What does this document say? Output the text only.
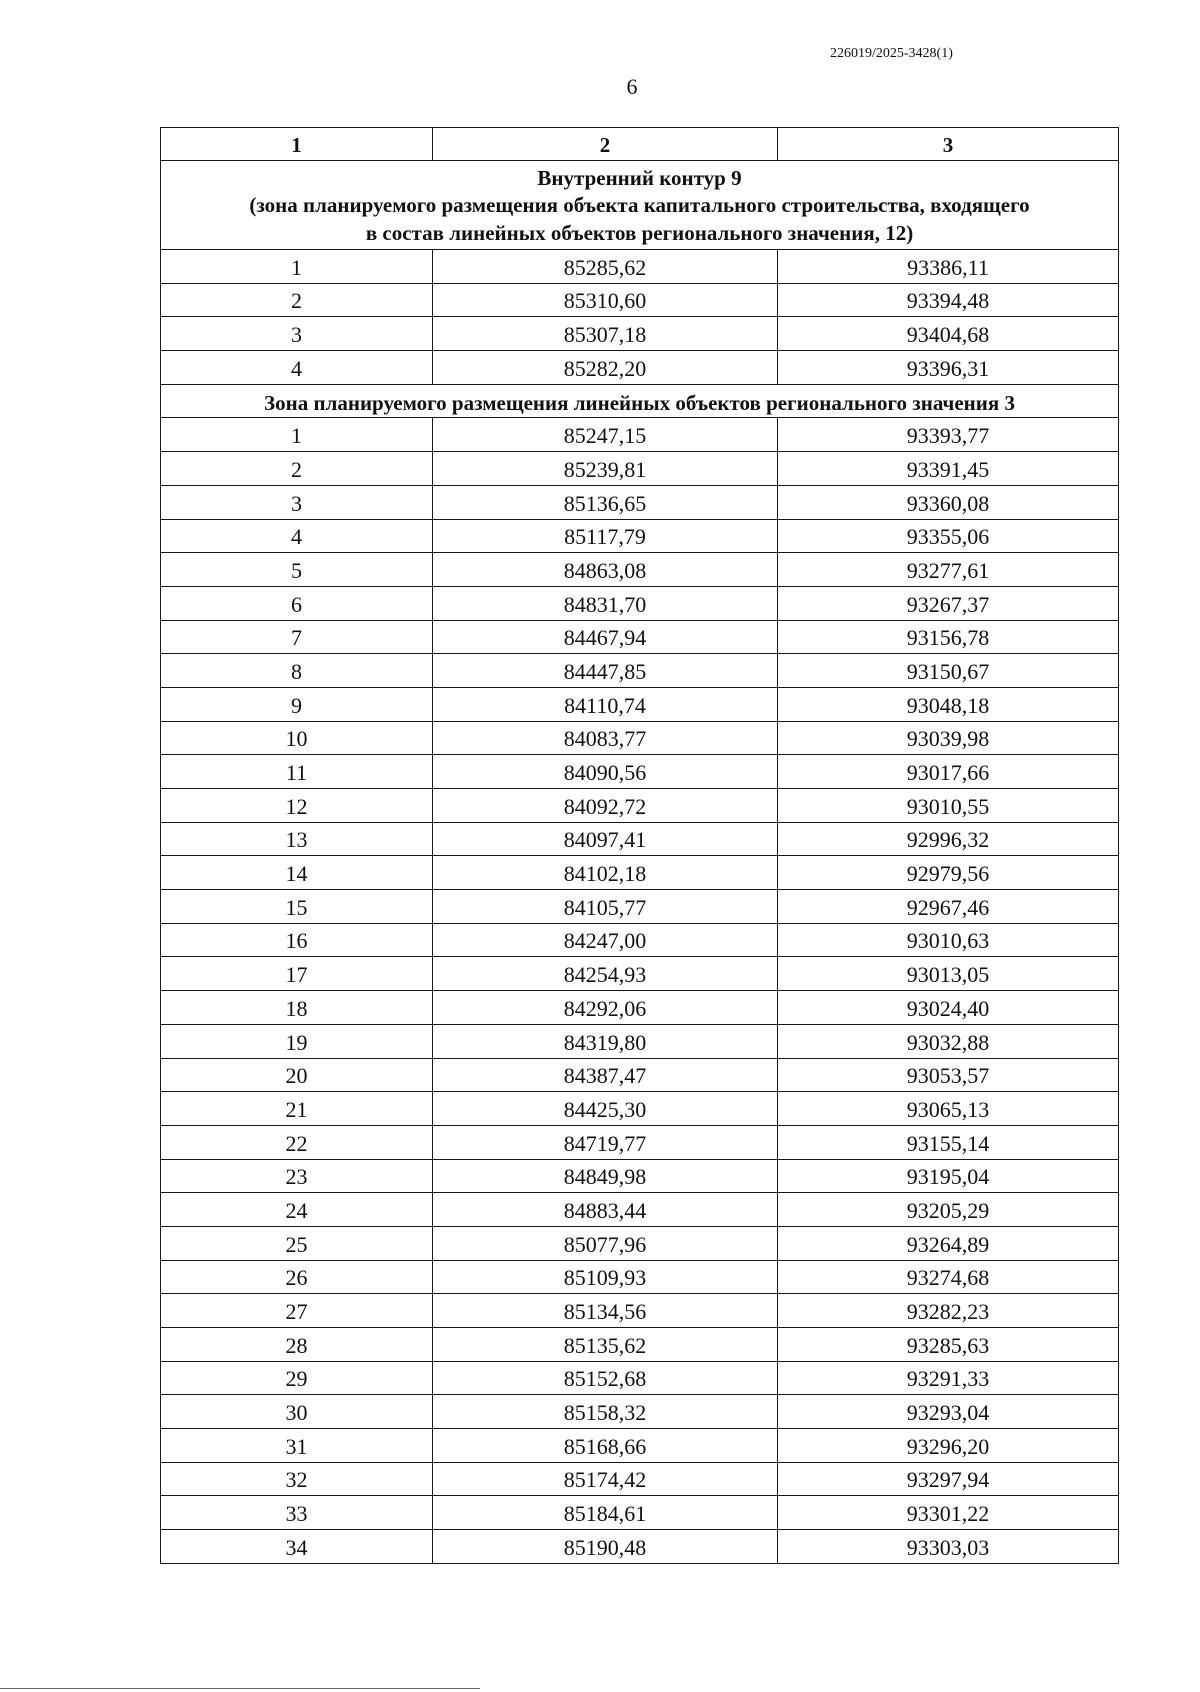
226019/2025-3428(1)
6
1	2	3

Внутренний контур 9
(зона планируемого размещения объекта капитального строительства, входящего
в состав линейных объектов регионального значения, 12)		

1	85285,62	93386,11
2	85310,60	93394,48
3	85307,18	93404,68
4	85282,20	93396,31
Зона планируемого размещения линейных объектов регионального значения 3		
1	85247,15	93393,77
2	85239,81	93391,45
3	85136,65	93360,08
4	85117,79	93355,06
5	84863,08	93277,61
6	84831,70	93267,37
7	84467,94	93156,78
8	84447,85	93150,67
9	84110,74	93048,18
10	84083,77	93039,98
11	84090,56	93017,66
12	84092,72	93010,55
13	84097,41	92996,32
14	84102,18	92979,56
15	84105,77	92967,46
16	84247,00	93010,63
17	84254,93	93013,05
18	84292,06	93024,40
19	84319,80	93032,88
20	84387,47	93053,57
21	84425,30	93065,13
22	84719,77	93155,14
23	84849,98	93195,04
24	84883,44	93205,29
25	85077,96	93264,89
26	85109,93	93274,68
27	85134,56	93282,23
28	85135,62	93285,63
29	85152,68	93291,33
30	85158,32	93293,04
31	85168,66	93296,20
32	85174,42	93297,94
33	85184,61	93301,22
34	85190,48	93303,03
